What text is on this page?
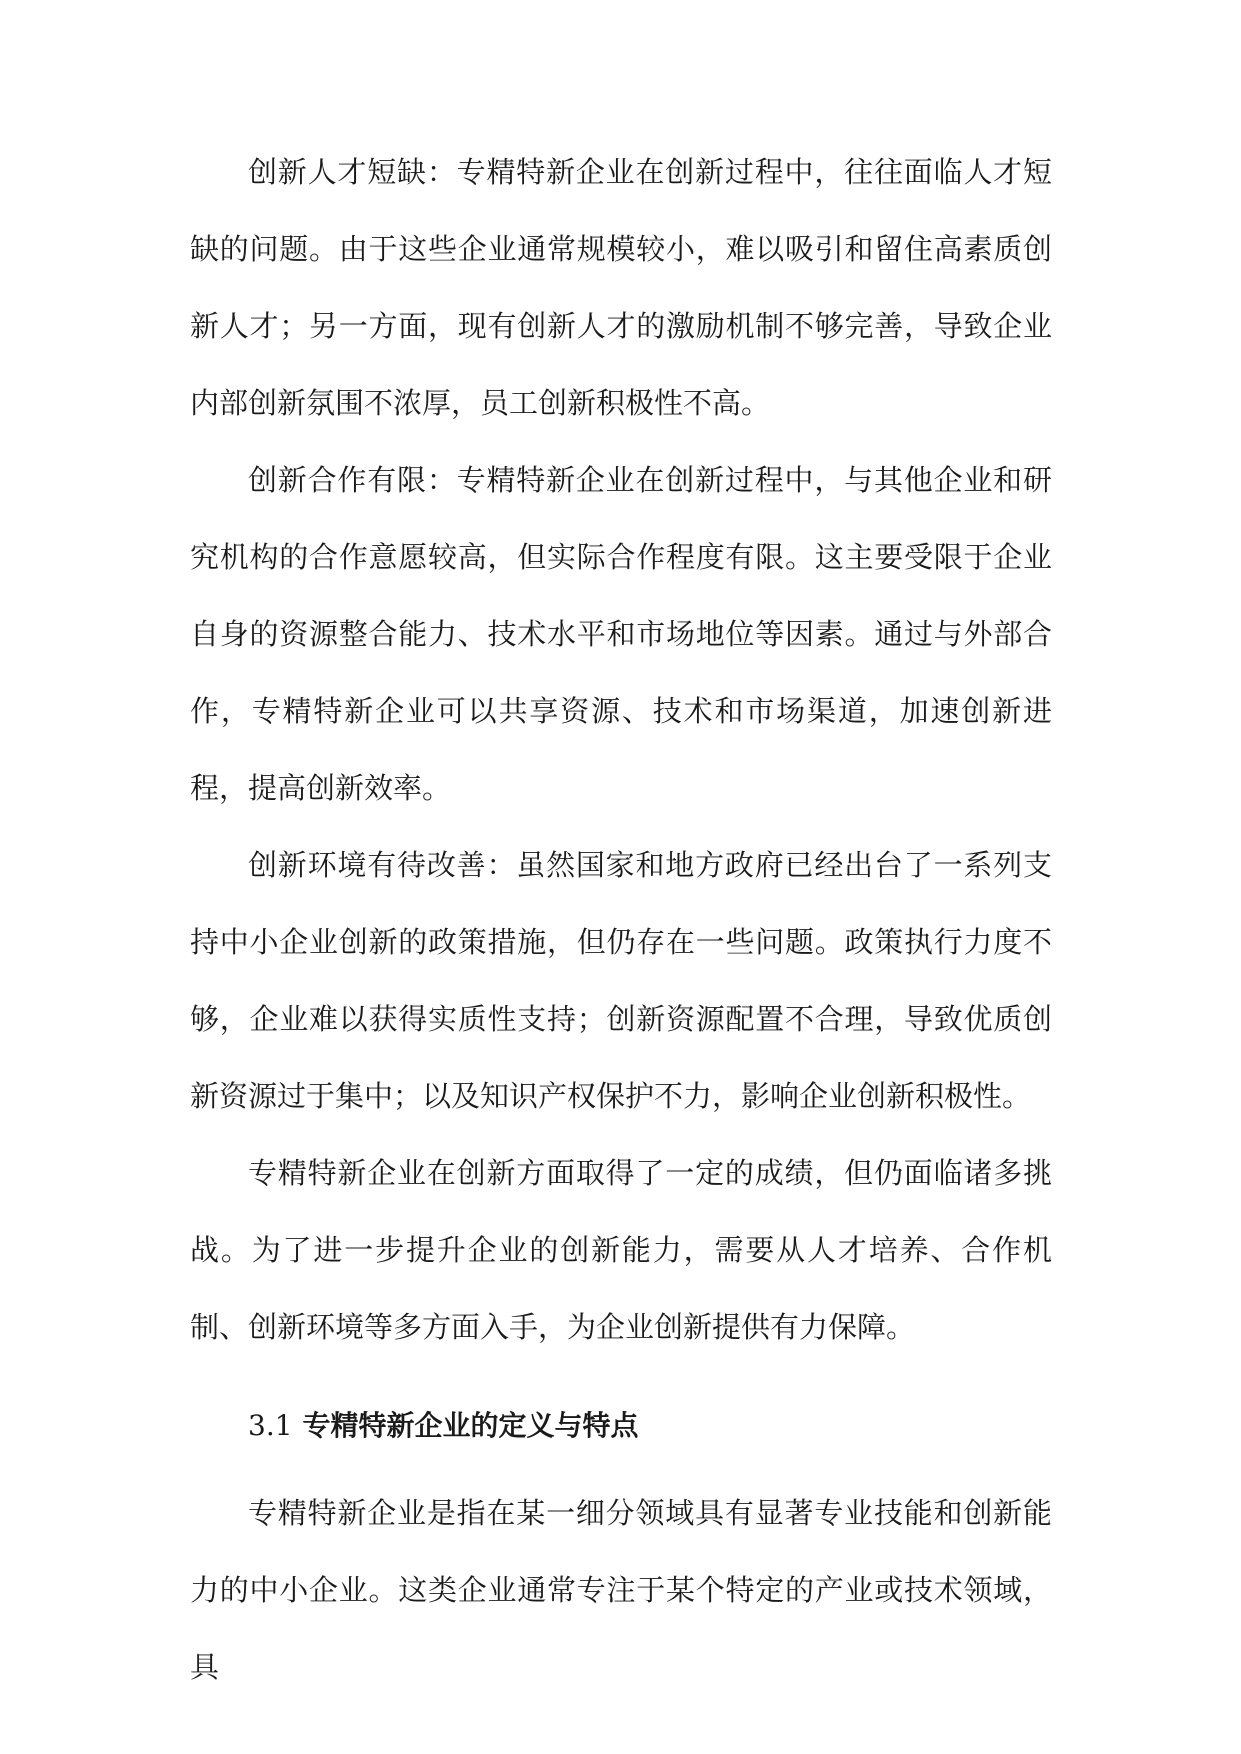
创新人才短缺：专精特新企业在创新过程中，往往面临人才短缺的问题。由于这些企业通常规模较小，难以吸引和留住高素质创新人才；另一方面，现有创新人才的激励机制不够完善，导致企业内部创新氛围不浓厚，员工创新积极性不高。

创新合作有限：专精特新企业在创新过程中，与其他企业和研究机构的合作意愿较高，但实际合作程度有限。这主要受限于企业自身的资源整合能力、技术水平和市场地位等因素。通过与外部合作，专精特新企业可以共享资源、技术和市场渠道，加速创新进程，提高创新效率。

创新环境有待改善：虽然国家和地方政府已经出台了一系列支持中小企业创新的政策措施，但仍存在一些问题。政策执行力度不够，企业难以获得实质性支持；创新资源配置不合理，导致优质创新资源过于集中；以及知识产权保护不力，影响企业创新积极性。

专精特新企业在创新方面取得了一定的成绩，但仍面临诸多挑战。为了进一步提升企业的创新能力，需要从人才培养、合作机制、创新环境等多方面入手，为企业创新提供有力保障。

3.1 专精特新企业的定义与特点

专精特新企业是指在某一细分领域具有显著专业技能和创新能力的中小企业。这类企业通常专注于某个特定的产业或技术领域，具
